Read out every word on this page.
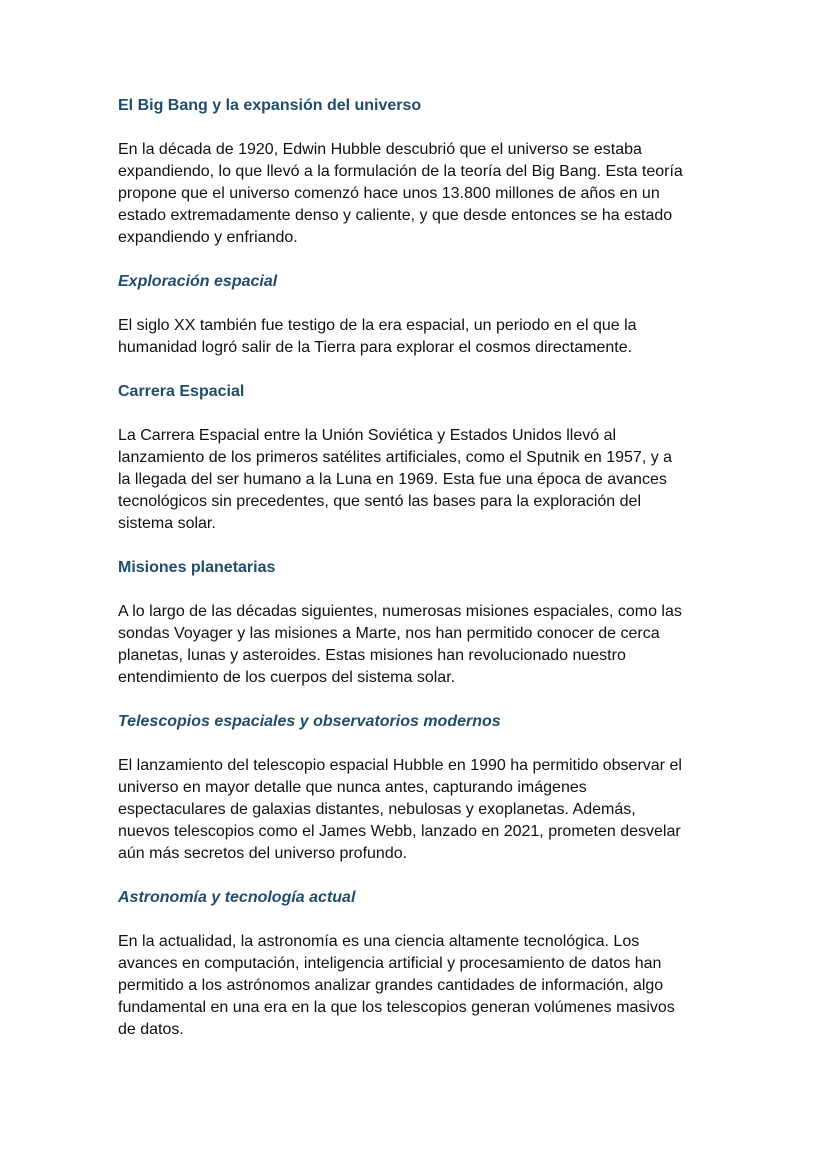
El Big Bang y la expansión del universo
En la década de 1920, Edwin Hubble descubrió que el universo se estaba
expandiendo, lo que llevó a la formulación de la teoría del Big Bang. Esta teoría
propone que el universo comenzó hace unos 13.800 millones de años en un
estado extremadamente denso y caliente, y que desde entonces se ha estado
expandiendo y enfriando.
Exploración espacial
El siglo XX también fue testigo de la era espacial, un periodo en el que la
humanidad logró salir de la Tierra para explorar el cosmos directamente.
Carrera Espacial
La Carrera Espacial entre la Unión Soviética y Estados Unidos llevó al
lanzamiento de los primeros satélites artificiales, como el Sputnik en 1957, y a
la llegada del ser humano a la Luna en 1969. Esta fue una época de avances
tecnológicos sin precedentes, que sentó las bases para la exploración del
sistema solar.
Misiones planetarias
A lo largo de las décadas siguientes, numerosas misiones espaciales, como las
sondas Voyager y las misiones a Marte, nos han permitido conocer de cerca
planetas, lunas y asteroides. Estas misiones han revolucionado nuestro
entendimiento de los cuerpos del sistema solar.
Telescopios espaciales y observatorios modernos
El lanzamiento del telescopio espacial Hubble en 1990 ha permitido observar el
universo en mayor detalle que nunca antes, capturando imágenes
espectaculares de galaxias distantes, nebulosas y exoplanetas. Además,
nuevos telescopios como el James Webb, lanzado en 2021, prometen desvelar
aún más secretos del universo profundo.
Astronomía y tecnología actual
En la actualidad, la astronomía es una ciencia altamente tecnológica. Los
avances en computación, inteligencia artificial y procesamiento de datos han
permitido a los astrónomos analizar grandes cantidades de información, algo
fundamental en una era en la que los telescopios generan volúmenes masivos
de datos.
